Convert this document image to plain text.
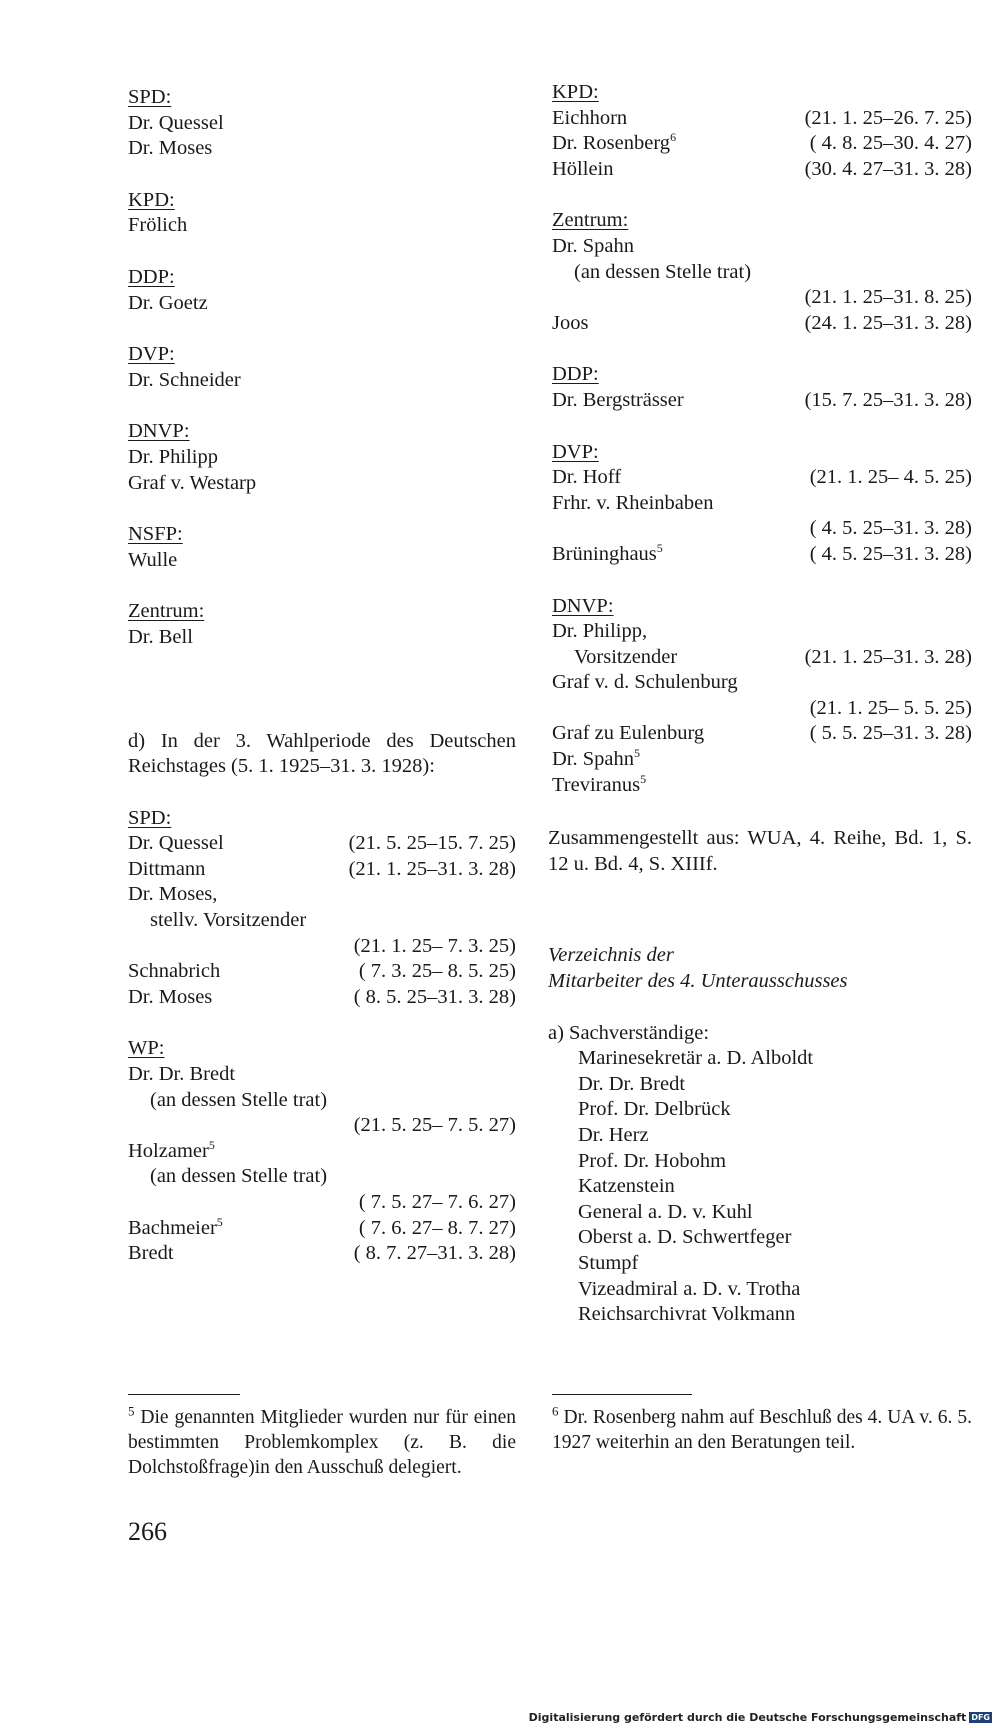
SPD:
Dr. Quessel
Dr. Moses
KPD:
Frölich
DDP:
Dr. Goetz
DVP:
Dr. Schneider
DNVP:
Dr. Philipp
Graf v. Westarp
NSFP:
Wulle
Zentrum:
Dr. Bell
d) In der 3. Wahlperiode des Deutschen Reichstages (5. 1. 1925–31. 3. 1928):
SPD:
Dr. Quessel	(21. 5. 25–15. 7. 25)
Dittmann	(21. 1. 25–31. 3. 28)
Dr. Moses,
stellv. Vorsitzender
(21. 1. 25– 7. 3. 25)
Schnabrich	( 7. 3. 25– 8. 5. 25)
Dr. Moses	( 8. 5. 25–31. 3. 28)
WP:
Dr. Dr. Bredt
(an dessen Stelle trat)
(21. 5. 25– 7. 5. 27)
Holzamer$^5$
(an dessen Stelle trat)
( 7. 5. 27– 7. 6. 27)
Bachmeier$^5$	( 7. 6. 27– 8. 7. 27)
Bredt	( 8. 7. 27–31. 3. 28)
KPD:
Eichhorn	(21. 1. 25–26. 7. 25)
Dr. Rosenberg$^6$	( 4. 8. 25–30. 4. 27)
Höllein	(30. 4. 27–31. 3. 28)
Zentrum:
Dr. Spahn
(an dessen Stelle trat)
(21. 1. 25–31. 8. 25)
Joos	(24. 1. 25–31. 3. 28)
DDP:
Dr. Bergsträsser	(15. 7. 25–31. 3. 28)
DVP:
Dr. Hoff	(21. 1. 25– 4. 5. 25)
Frhr. v. Rheinbaben
( 4. 5. 25–31. 3. 28)
Brüninghaus$^5$	( 4. 5. 25–31. 3. 28)
DNVP:
Dr. Philipp,
Vorsitzender	(21. 1. 25–31. 3. 28)
Graf v. d. Schulenburg
(21. 1. 25– 5. 5. 25)
Graf zu Eulenburg	( 5. 5. 25–31. 3. 28)
Dr. Spahn$^5$
Treviranus$^5$
Zusammengestellt aus: WUA, 4. Reihe, Bd. 1, S. 12 u. Bd. 4, S. XIIIf.
Verzeichnis der
Mitarbeiter des 4. Unterausschusses
a) Sachverständige:
Marinesekretär a. D. Alboldt
Dr. Dr. Bredt
Prof. Dr. Delbrück
Dr. Herz
Prof. Dr. Hobohm
Katzenstein
General a. D. v. Kuhl
Oberst a. D. Schwertfeger
Stumpf
Vizeadmiral a. D. v. Trotha
Reichsarchivrat Volkmann
$^5$ Die genannten Mitglieder wurden nur für einen bestimmten Problemkomplex (z. B. die Dolchstoßfrage)in den Ausschuß delegiert.
$^6$ Dr. Rosenberg nahm auf Beschluß des 4. UA v. 6. 5. 1927 weiterhin an den Beratungen teil.
266
Digitalisierung gefördert durch die Deutsche Forschungsgemeinschaft DFG
